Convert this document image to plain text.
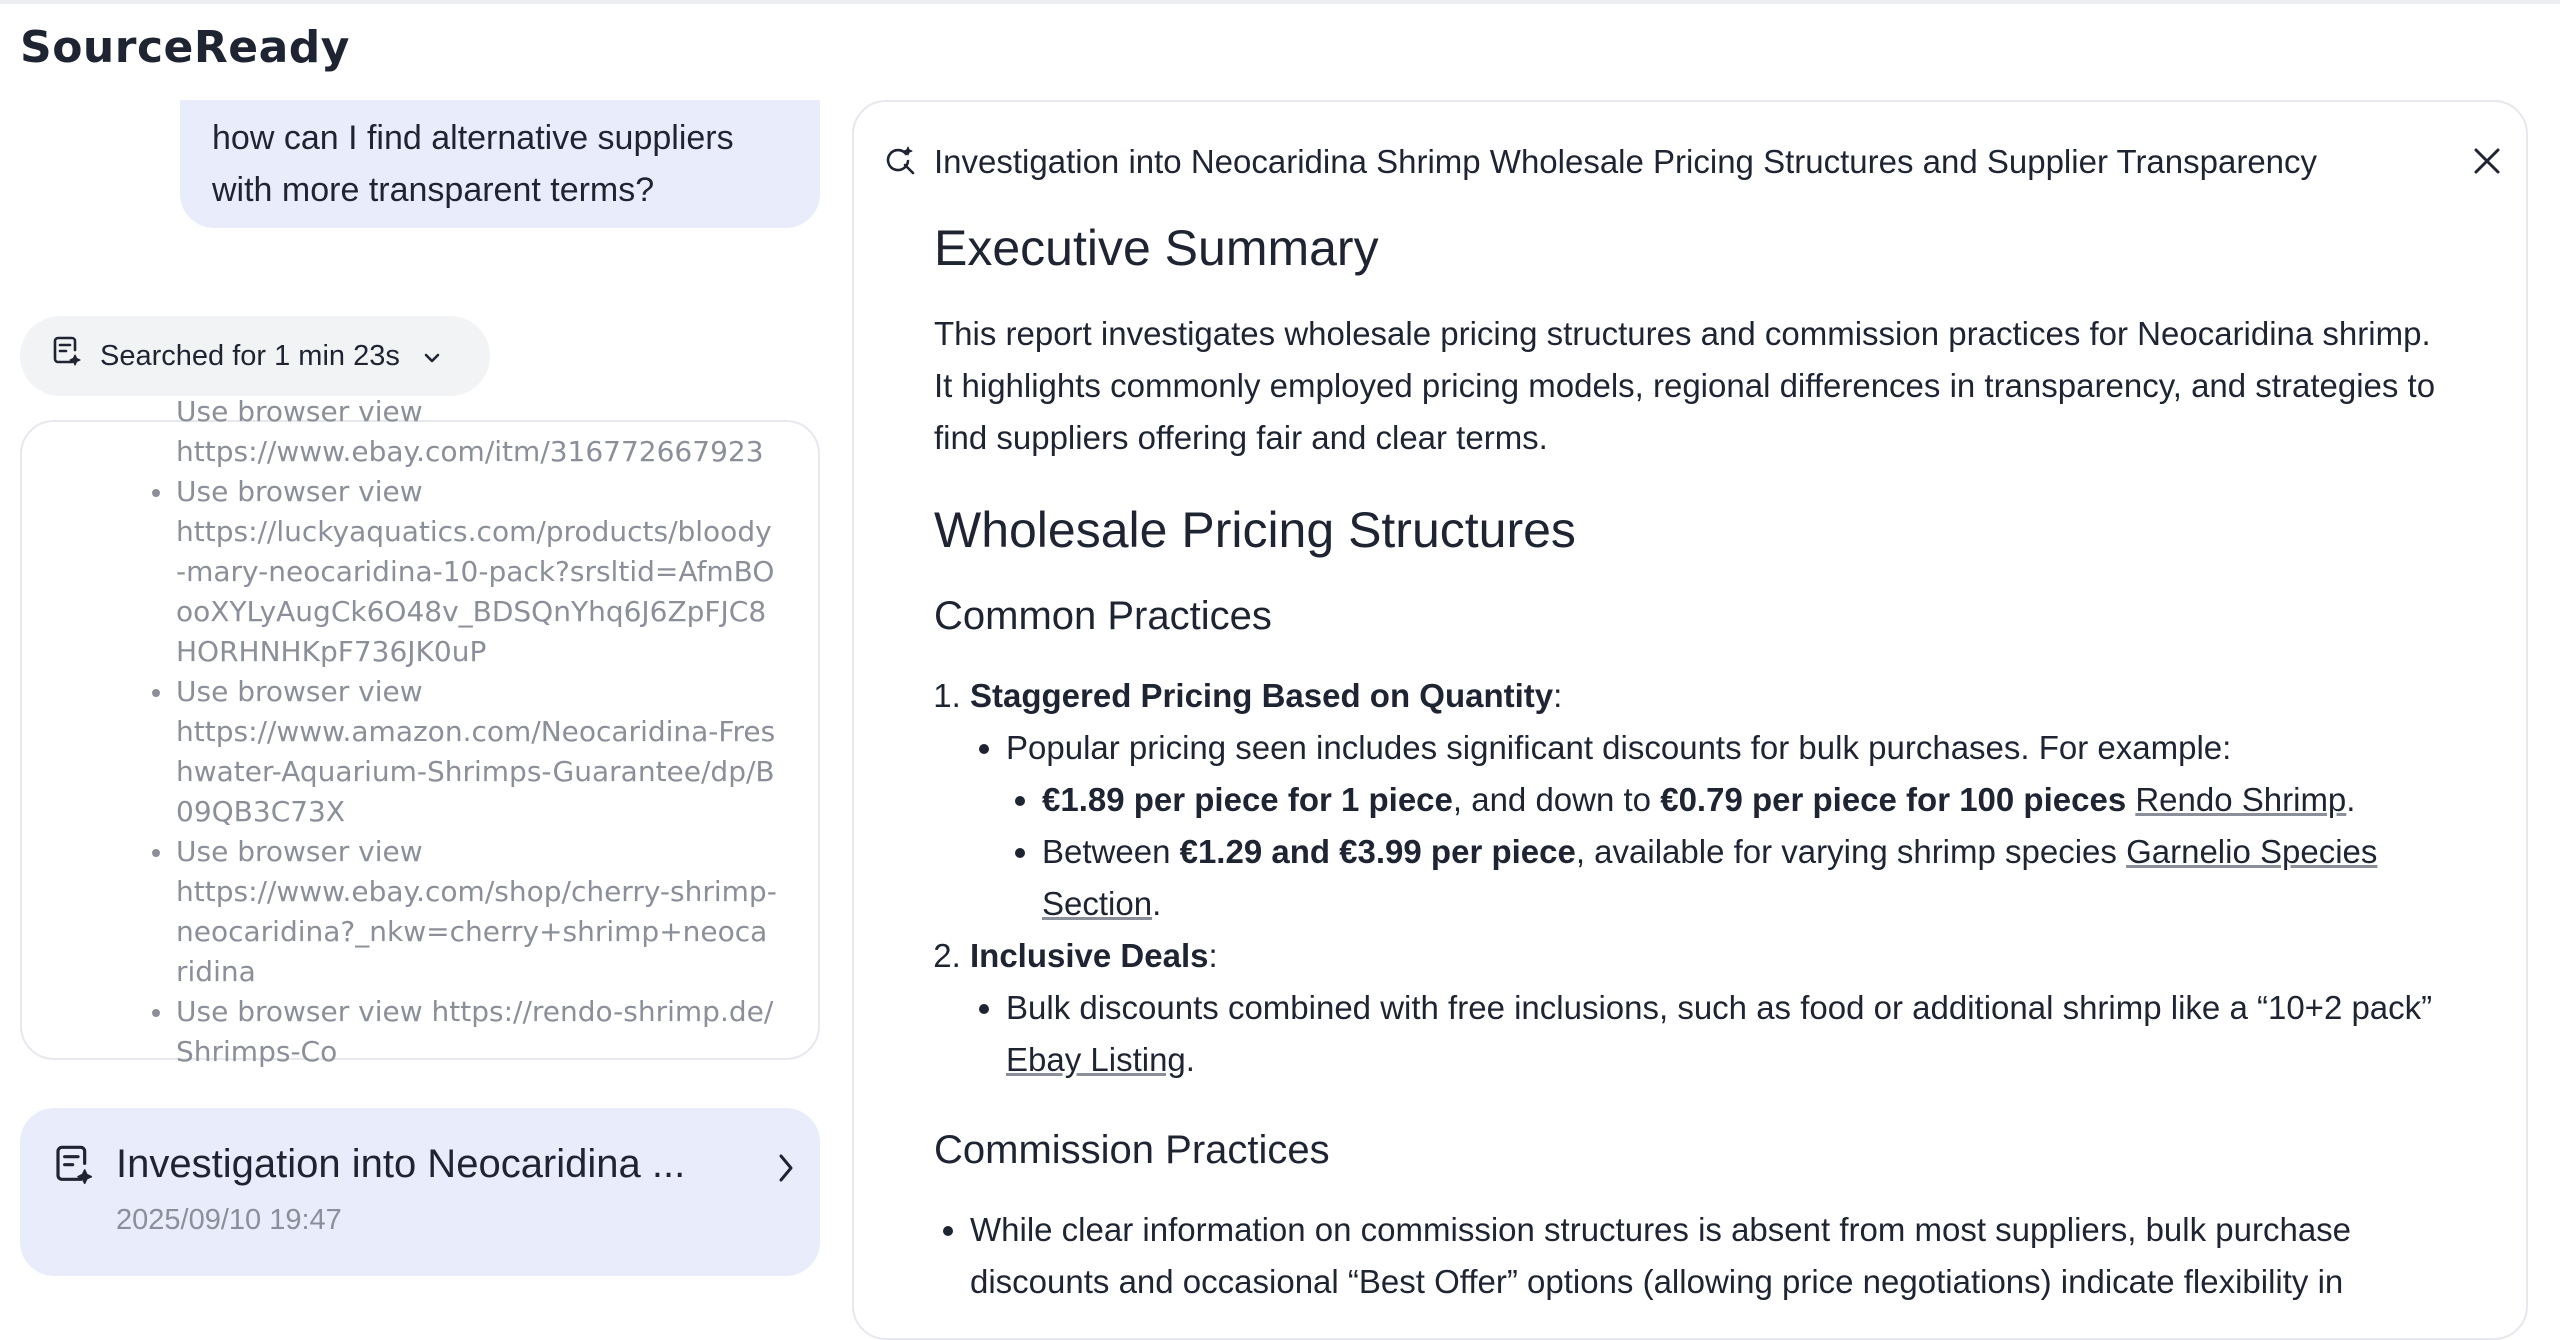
SourceReady
how can I find alternative suppliers with more transparent terms?
Searched for 1 min 23s
Use browser view
https://www.ebay.com/itm/316772667923
Use browser view
https://luckyaquatics.com/products/bloody-mary-neocaridina-10-pack?srsltid=AfmBOooXYLyAugCk6O48v_BDSQnYhq6J6ZpFJC8HORHNHKpF736JK0uP
Use browser view
https://www.amazon.com/Neocaridina-Freshwater-Aquarium-Shrimps-Guarantee/dp/B09QB3C73X
Use browser view
https://www.ebay.com/shop/cherry-shrimp-neocaridina?_nkw=cherry+shrimp+neocaridina
Use browser view https://rendo-shrimp.de/Shrimps-Co
Investigation into Neocaridina ...
2025/09/10 19:47
Investigation into Neocaridina Shrimp Wholesale Pricing Structures and Supplier Transparency
Executive Summary

This report investigates wholesale pricing structures and commission practices for Neocaridina shrimp. It highlights commonly employed pricing models, regional differences in transparency, and strategies to find suppliers offering fair and clear terms.

Wholesale Pricing Structures
Common Practices
1. Staggered Pricing Based on Quantity:
• Popular pricing seen includes significant discounts for bulk purchases. For example:
• €1.89 per piece for 1 piece, and down to €0.79 per piece for 100 pieces Rendo Shrimp.
• Between €1.29 and €3.99 per piece, available for varying shrimp species Garnelio Species Section.
2. Inclusive Deals:
• Bulk discounts combined with free inclusions, such as food or additional shrimp like a “10+2 pack” Ebay Listing.
Commission Practices
• While clear information on commission structures is absent from most suppliers, bulk purchase discounts and occasional “Best Offer” options (allowing price negotiations) indicate flexibility in
